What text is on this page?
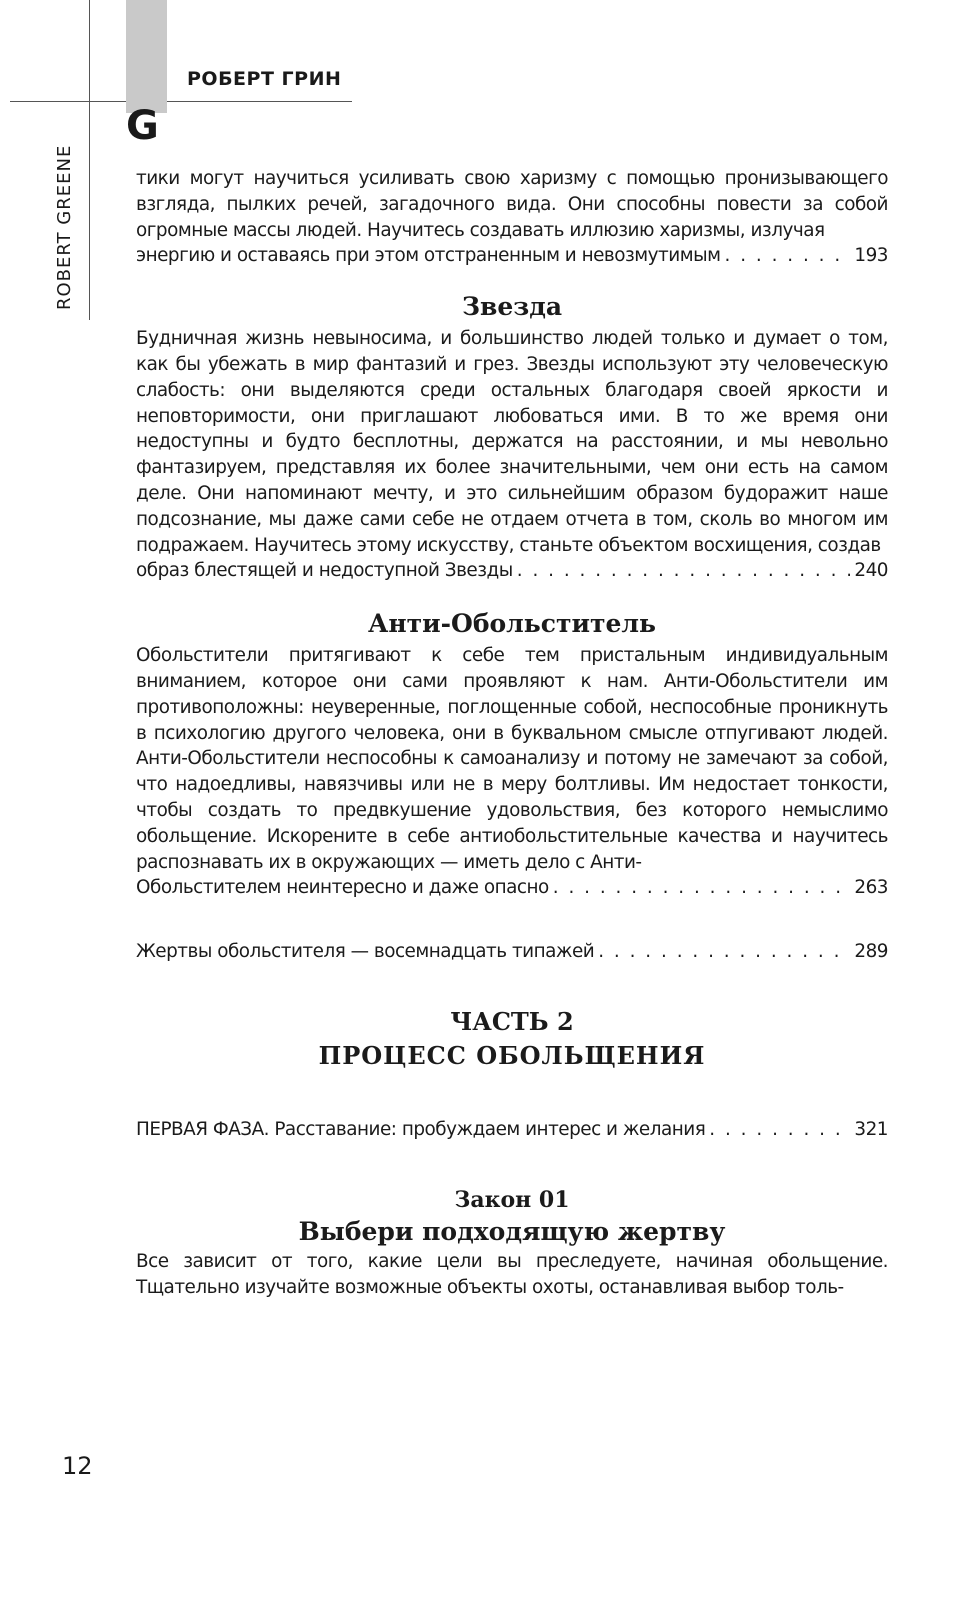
G
РОБЕРТ ГРИН
ROBERT GREENE	тики могут научиться усиливать свою харизму с помощью пронизывающего взгляда, пылких речей, загадочного вида. Они способны повести за собой огромные массы людей. Научитесь создавать иллюзию харизмы, излучая

энергию и оставаясь при этом отстраненным и невозмутимым . . .	193
Звезда

Будничная жизнь невыносима, и большинство людей только и думает о том, как бы убежать в мир фантазий и грез. Звезды используют эту человеческую слабость: они выделяются среди остальных благодаря своей яркости и неповторимости, они приглашают любоваться ими. В то же время они недоступны и будто бесплотны, держатся на расстоянии, и мы невольно фантазируем, представляя их более значительными, чем они есть на самом деле. Они напоминают мечту, и это сильнейшим образом будоражит наше подсознание, мы даже сами себе не отдаем отчета в том, сколь во многом им подражаем. Научитесь этому искусству, станьте объектом восхищения, создав

образ блестящей и недоступной Звезды . . .	240
Анти-Обольститель

Обольстители притягивают к себе тем пристальным индивидуальным вниманием, которое они сами проявляют к нам. Анти-Обольстители им противоположны: неуверенные, поглощенные собой, неспособные проникнуть в психологию другого человека, они в буквальном смысле отпугивают людей. Анти-Обольстители неспособны к самоанализу и потому не замечают за собой, что надоедливы, навязчивы или не в меру болтливы. Им недостает тонкости, чтобы создать то предвкушение удовольствия, без которого немыслимо обольщение. Искорените в себе антиобольстительные качества и научитесь распознавать их в окружающих — иметь дело с Анти-

Обольстителем неинтересно и даже опасно . . .	263
Жертвы обольстителя — восемнадцать типажей . . .	289
ЧАСТЬ 2
ПРОЦЕСС ОБОЛЬЩЕНИЯ
ПЕРВАЯ ФАЗА. Расставание: пробуждаем интерес и желания . . .	321
Закон 01
Выбери подходящую жертву

Все зависит от того, какие цели вы преследуете, начиная обольщение. Тщательно изучайте возможные объекты охоты, останавливая выбор толь-

12
